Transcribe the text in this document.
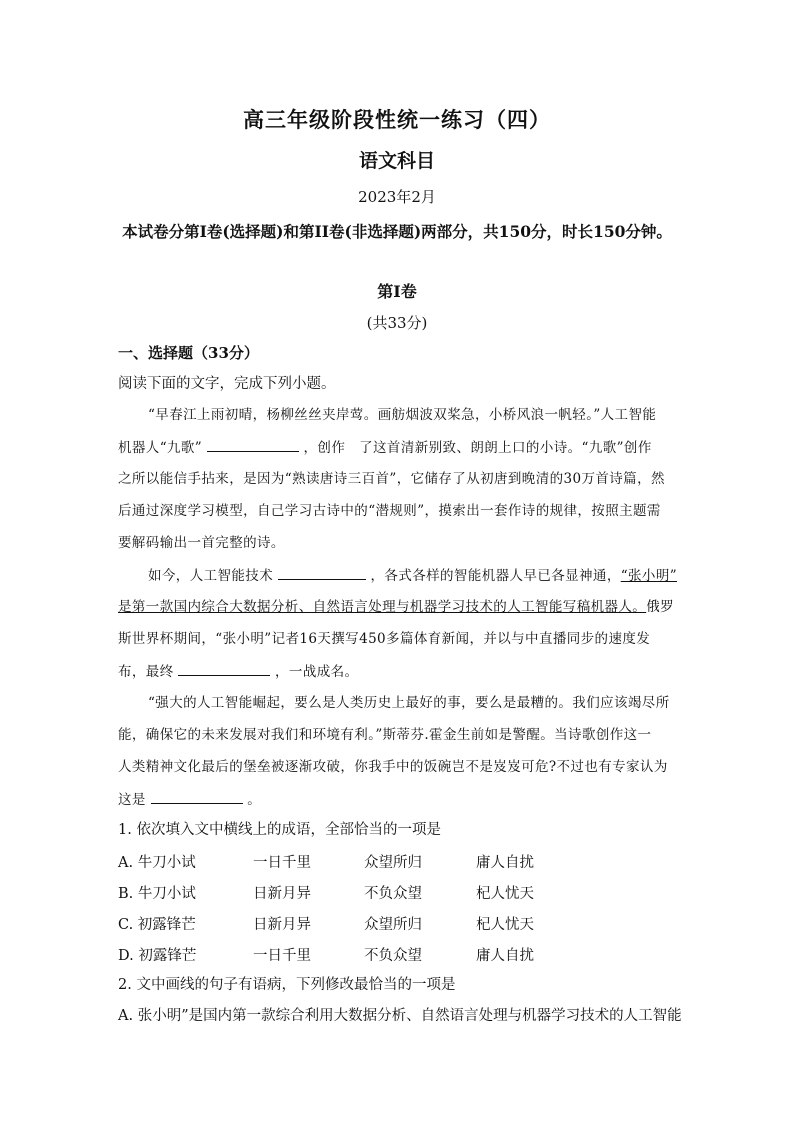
高三年级阶段性统一练习（四）
语文科目
2023年2月
本试卷分第I卷(选择题)和第II卷(非选择题)两部分，共150分，时长150分钟。
第I卷
(共33分)
一、选择题（33分）
阅读下面的文字，完成下列小题。
“早春江上雨初晴，杨柳丝丝夹岸莺。画舫烟波双桨急，小桥风浪一帆轻。”人工智能
机器人“九歌”	，创作　了这首清新别致、朗朗上口的小诗。“九歌”创作
之所以能信手拈来，是因为“熟读唐诗三百首”，它储存了从初唐到晚清的30万首诗篇，然
后通过深度学习模型，自己学习古诗中的“潜规则”，摸索出一套作诗的规律，按照主题需
要解码输出一首完整的诗。
如今，人工智能技术	，各式各样的智能机器人早已各显神通，“张小明”
是第一款国内综合大数据分析、自然语言处理与机器学习技术的人工智能写稿机器人。俄罗
斯世界杯期间，“张小明”记者16天撰写450多篇体育新闻，并以与中直播同步的速度发
布，最终	，一战成名。
“强大的人工智能崛起，要么是人类历史上最好的事，要么是最糟的。我们应该竭尽所
能，确保它的未来发展对我们和环境有利。”斯蒂芬.霍金生前如是警醒。当诗歌创作这一
人类精神文化最后的堡垒被逐渐攻破，你我手中的饭碗岂不是岌岌可危?不过也有专家认为
这是	。
1. 依次填入文中横线上的成语，全部恰当的一项是
A. 牛刀小试	一日千里	众望所归	庸人自扰
B. 牛刀小试	日新月异	不负众望	杞人忧天
C. 初露锋芒	日新月异	众望所归	杞人忧天
D. 初露锋芒	一日千里	不负众望	庸人自扰
2. 文中画线的句子有语病，下列修改最恰当的一项是
A. 张小明”是国内第一款综合利用大数据分析、自然语言处理与机器学习技术的人工智能
